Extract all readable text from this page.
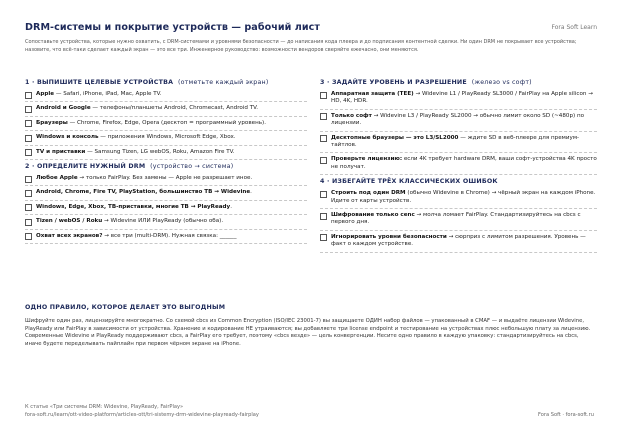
DRM-системы и покрытие устройств — рабочий лист	Fora Soft Learn
Сопоставьте устройства, которые нужно охватить, с DRM-системами и уровнями безопасности — до написания кода плеера и до подписания контентной сделки. Ни один DRM не покрывает все устройства; назовите, что всё-таки сделает каждый экран — это все три. Инженерное руководство: возможности вендоров сверяйте ежечасно, они меняются.
1 · ВЫПИШИТЕ ЦЕЛЕВЫЕ УСТРОЙСТВА (отметьте каждый экран)
Apple — Safari, iPhone, iPad, Mac, Apple TV.
Android и Google — телефоны/планшеты Android, Chromecast, Android TV.
Браузеры — Chrome, Firefox, Edge, Opera (десктоп = программный уровень).
Windows и консоль — приложения Windows, Microsoft Edge, Xbox.
TV и приставки — Samsung Tizen, LG webOS, Roku, Amazon Fire TV.
2 · ОПРЕДЕЛИТЕ НУЖНЫЙ DRM (устройство → система)
Любое Apple → только FairPlay. Без замены — Apple не разрешает иное.
Android, Chrome, Fire TV, PlayStation, большинство TB → Widevine.
Windows, Edge, Xbox, TB-приставки, многие TB → PlayReady.
Tizen / webOS / Roku → Widevine ИЛИ PlayReady (обычно оба).
Охват всех экранов? → все три (multi-DRM). Нужная связка: ______
3 · ЗАДАЙТЕ УРОВЕНЬ И РАЗРЕШЕНИЕ (железо vs софт)
Аппаратная защита (TEE) → Widevine L1 / PlayReady SL3000 / FairPlay на Apple silicon → HD, 4K, HDR.
Только софт → Widevine L3 / PlayReady SL2000 → обычно лимит около SD (~480p) по лицензии.
Десктопные браузеры — это L3/SL2000 — ждите SD в веб-плеере для премиум-тайтлов.
Проверьте лицензию: если 4K требует hardware DRM, ваши софт-устройства 4K просто не получат.
4 · ИЗБЕГАЙТЕ ТРЁХ КЛАССИЧЕСКИХ ОШИБОК
Строить под один DRM (обычно Widevine в Chrome) → чёрный экран на каждом iPhone. Идите от карты устройств.
Шифрование только cenc → молча ломает FairPlay. Стандартизируйтесь на cbcs с первого дня.
Игнорировать уровни безопасности → сюрприз с лимитом разрешения. Уровень — факт о каждом устройстве.
ОДНО ПРАВИЛО, КОТОРОЕ ДЕЛАЕТ ЭТО ВЫГОДНЫМ
Шифруйте один раз, лицензируйте многократно. Со схемой cbcs из Common Encryption (ISO/IEC 23001-7) вы защищаете ОДИН набор файлов — упакованный в CMAF — и выдаёте лицензии Widevine, PlayReady или FairPlay в зависимости от устройства. Хранение и кодирование НЕ утраиваются; вы добавляете три license endpoint и тестирование на устройствах плюс небольшую плату за лицензию. Современные Widevine и PlayReady поддерживают cbcs, а FairPlay его требует, поэтому «cbcs везде» — цель конвергенции. Несите одно правило в каждую упаковку: стандартизируйтесь на cbcs, иначе будете переделывать пайплайн при первом чёрном экране на iPhone.
К статье «Три системы DRM: Widevine, PlayReady, FairPlay»
fora-soft.ru/learn/ott-video-platform/articles-ott/tri-sistemy-drm-widevine-playready-fairplay	Fora Soft · fora-soft.ru
